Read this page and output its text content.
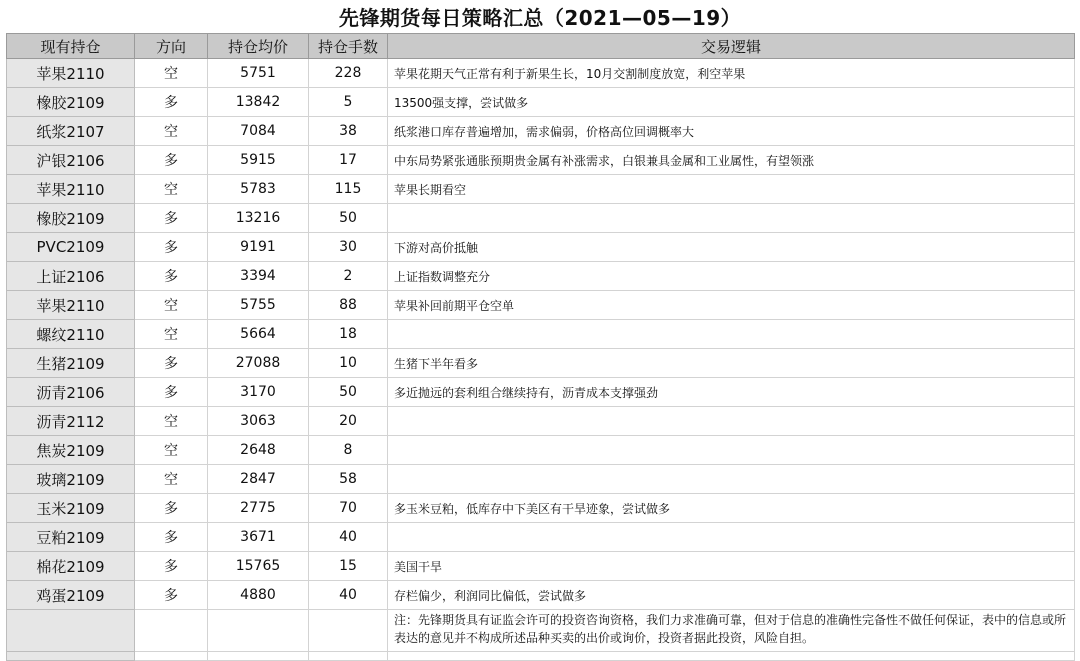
先锋期货每日策略汇总（2021—05—19）
现有持仓	方向	持仓均价	持仓手数	交易逻辑
苹果2110	空	5751	228	苹果花期天气正常有利于新果生长，10月交割制度放宽，利空苹果
橡胶2109	多	13842	5	13500强支撑，尝试做多
纸浆2107	空	7084	38	纸浆港口库存普遍增加，需求偏弱，价格高位回调概率大
沪银2106	多	5915	17	中东局势紧张通胀预期贵金属有补涨需求，白银兼具金属和工业属性，有望领涨
苹果2110	空	5783	115	苹果长期看空
橡胶2109	多	13216	50	
PVC2109	多	9191	30	下游对高价抵触
上证2106	多	3394	2	上证指数调整充分
苹果2110	空	5755	88	苹果补回前期平仓空单
螺纹2110	空	5664	18	
生猪2109	多	27088	10	生猪下半年看多
沥青2106	多	3170	50	多近抛远的套利组合继续持有，沥青成本支撑强劲
沥青2112	空	3063	20	
焦炭2109	空	2648	8	
玻璃2109	空	2847	58	
玉米2109	多	2775	70	多玉米豆粕，低库存中下美区有干旱迹象，尝试做多
豆粕2109	多	3671	40	
棉花2109	多	15765	15	美国干旱
鸡蛋2109	多	4880	40	存栏偏少，利润同比偏低，尝试做多
				注：先锋期货具有证监会许可的投资咨询资格，我们力求准确可靠，但对于信息的准确性完备性不做任何保证，表中的信息或所表达的意见并不构成所述品种买卖的出价或询价，投资者据此投资，风险自担。
